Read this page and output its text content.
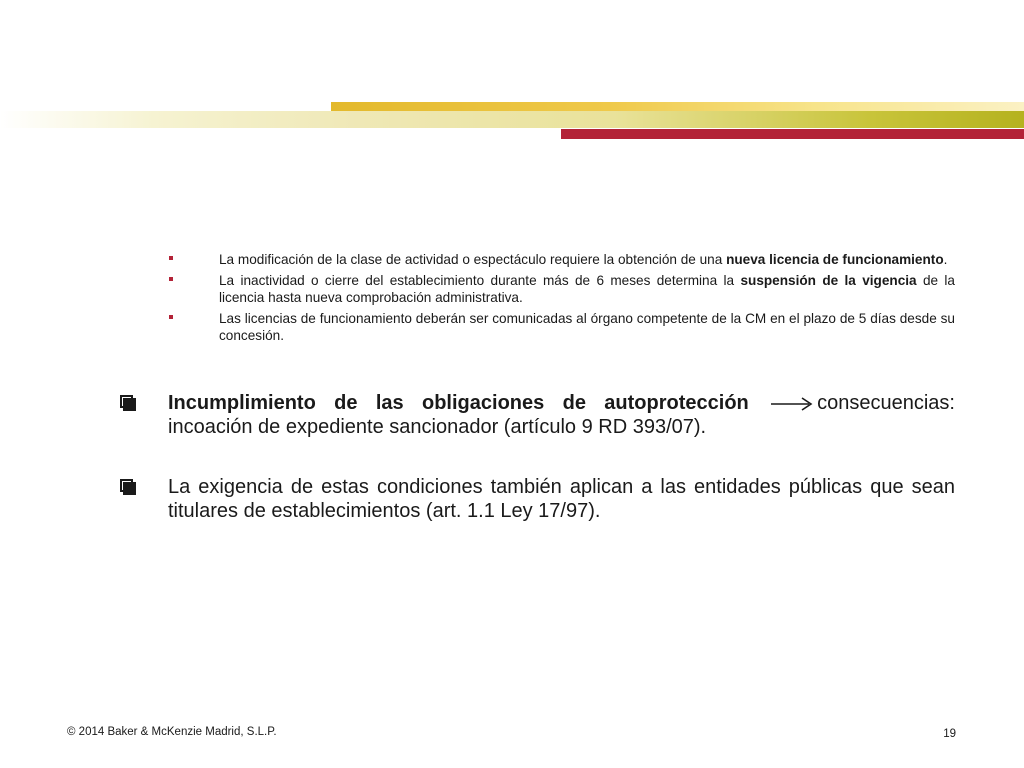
La modificación de la clase de actividad o espectáculo requiere la obtención de una nueva licencia de funcionamiento.
La inactividad o cierre del establecimiento durante más de 6 meses determina la suspensión de la vigencia de la licencia hasta nueva comprobación administrativa.
Las licencias de funcionamiento deberán ser comunicadas al órgano competente de la CM en el plazo de 5 días desde su concesión.
Incumplimiento de las obligaciones de autoprotección	consecuencias: incoación de expediente sancionador (artículo 9 RD 393/07).
La exigencia de estas condiciones también aplican a las entidades públicas que sean titulares de establecimientos (art. 1.1 Ley 17/97).
© 2014 Baker & McKenzie Madrid, S.L.P.	19
